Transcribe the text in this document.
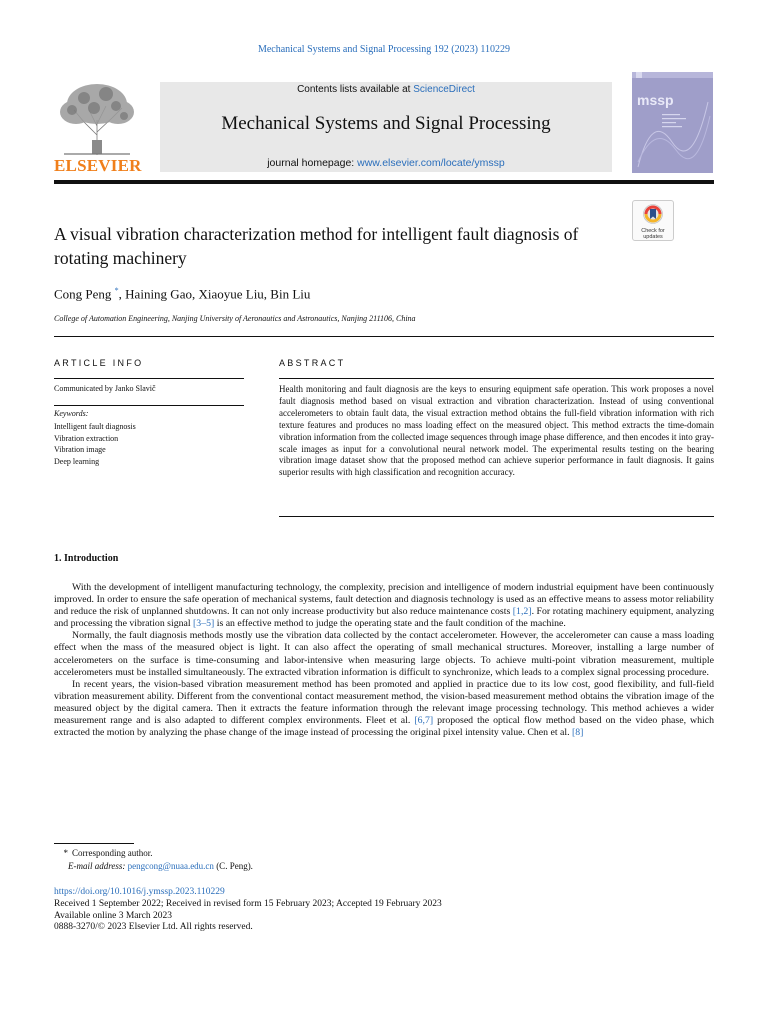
Mechanical Systems and Signal Processing 192 (2023) 110229
ELSEVIER
Contents lists available at ScienceDirect
Mechanical Systems and Signal Processing
journal homepage: www.elsevier.com/locate/ymssp
mssp
A visual vibration characterization method for intelligent fault diagnosis of rotating machinery
Check for updates
Cong Peng *, Haining Gao, Xiaoyue Liu, Bin Liu
College of Automation Engineering, Nanjing University of Aeronautics and Astronautics, Nanjing 211106, China
ARTICLE INFO
Communicated by Janko Slavič
Keywords:
Intelligent fault diagnosis
Vibration extraction
Vibration image
Deep learning
ABSTRACT
Health monitoring and fault diagnosis are the keys to ensuring equipment safe operation. This work proposes a novel fault diagnosis method based on visual extraction and vibration characterization. Instead of using conventional accelerometers to obtain fault data, the visual extraction method obtains the full-field vibration information with rich texture features and produces no mass loading effect on the measured object. This method extracts the time-domain vibration information from the collected image sequences through image phase difference, and then encodes it into gray-scale images as input for a convolutional neural network model. The experimental results testing on the bearing vibration image dataset show that the proposed method can achieve superior performance in fault diagnosis. It gains superior results with high classification and recognition accuracy.
1. Introduction

With the development of intelligent manufacturing technology, the complexity, precision and intelligence of modern industrial equipment have been continuously improved. In order to ensure the safe operation of mechanical systems, fault detection and diagnosis technology is used as an effective means to assess motor reliability and reduce the risk of unplanned shutdowns. It can not only increase productivity but also reduce maintenance costs [1,2]. For rotating machinery equipment, analyzing and processing the vibration signal [3–5] is an effective method to judge the operating state and the fault condition of the machine.

Normally, the fault diagnosis methods mostly use the vibration data collected by the contact accelerometer. However, the accelerometer can cause a mass loading effect when the mass of the measured object is light. It can also affect the operating of small mechanical structures. Moreover, installing a large number of accelerometers on the surface is time-consuming and labor-intensive when measuring large objects. To achieve multi-point vibration measurement, multiple accelerometers must be installed simultaneously. The extracted vibration information is difficult to synchronize, which leads to a complex signal processing procedure.

In recent years, the vision-based vibration measurement method has been promoted and applied in practice due to its low cost, good flexibility, and full-field vibration measurement ability. Different from the conventional contact measurement method, the vision-based measurement method obtains the vibration image of the measured object by the digital camera. Then it extracts the feature information through the relevant image processing technology. This method achieves a wider measurement range and is also adapted to different complex environments. Fleet et al. [6,7] proposed the optical flow method based on the video phase, which extracted the motion by analyzing the phase change of the image instead of processing the original pixel intensity value. Chen et al. [8]

* Corresponding author.
E-mail address: pengcong@nuaa.edu.cn (C. Peng).
https://doi.org/10.1016/j.ymssp.2023.110229
Received 1 September 2022; Received in revised form 15 February 2023; Accepted 19 February 2023
Available online 3 March 2023
0888-3270/© 2023 Elsevier Ltd. All rights reserved.
